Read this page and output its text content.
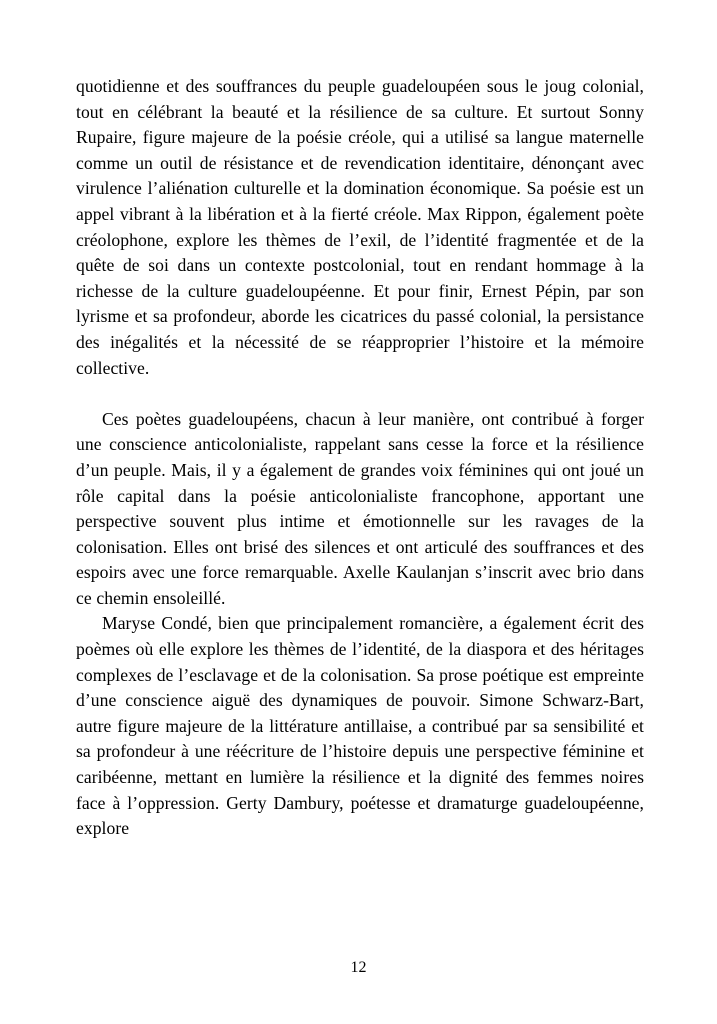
quotidienne et des souffrances du peuple guadeloupéen sous le joug colonial, tout en célébrant la beauté et la résilience de sa culture. Et surtout Sonny Rupaire, figure majeure de la poésie créole, qui a utilisé sa langue maternelle comme un outil de résistance et de revendication identitaire, dénonçant avec virulence l’aliénation culturelle et la domination économique. Sa poésie est un appel vibrant à la libération et à la fierté créole. Max Rippon, également poète créolophone, explore les thèmes de l’exil, de l’identité fragmentée et de la quête de soi dans un contexte postcolonial, tout en rendant hommage à la richesse de la culture guadeloupéenne. Et pour finir, Ernest Pépin, par son lyrisme et sa profondeur, aborde les cicatrices du passé colonial, la persistance des inégalités et la nécessité de se réapproprier l’histoire et la mémoire collective.

Ces poètes guadeloupéens, chacun à leur manière, ont contribué à forger une conscience anticolonialiste, rappelant sans cesse la force et la résilience d’un peuple. Mais, il y a également de grandes voix féminines qui ont joué un rôle capital dans la poésie anticolonialiste francophone, apportant une perspective souvent plus intime et émotionnelle sur les ravages de la colonisation. Elles ont brisé des silences et ont articulé des souffrances et des espoirs avec une force remarquable. Axelle Kaulanjan s’inscrit avec brio dans ce chemin ensoleillé.

Maryse Condé, bien que principalement romancière, a également écrit des poèmes où elle explore les thèmes de l’identité, de la diaspora et des héritages complexes de l’esclavage et de la colonisation. Sa prose poétique est empreinte d’une conscience aiguë des dynamiques de pouvoir. Simone Schwarz-Bart, autre figure majeure de la littérature antillaise, a contribué par sa sensibilité et sa profondeur à une réécriture de l’histoire depuis une perspective féminine et caribéenne, mettant en lumière la résilience et la dignité des femmes noires face à l’oppression. Gerty Dambury, poétesse et dramaturge guadeloupéenne, explore

12
